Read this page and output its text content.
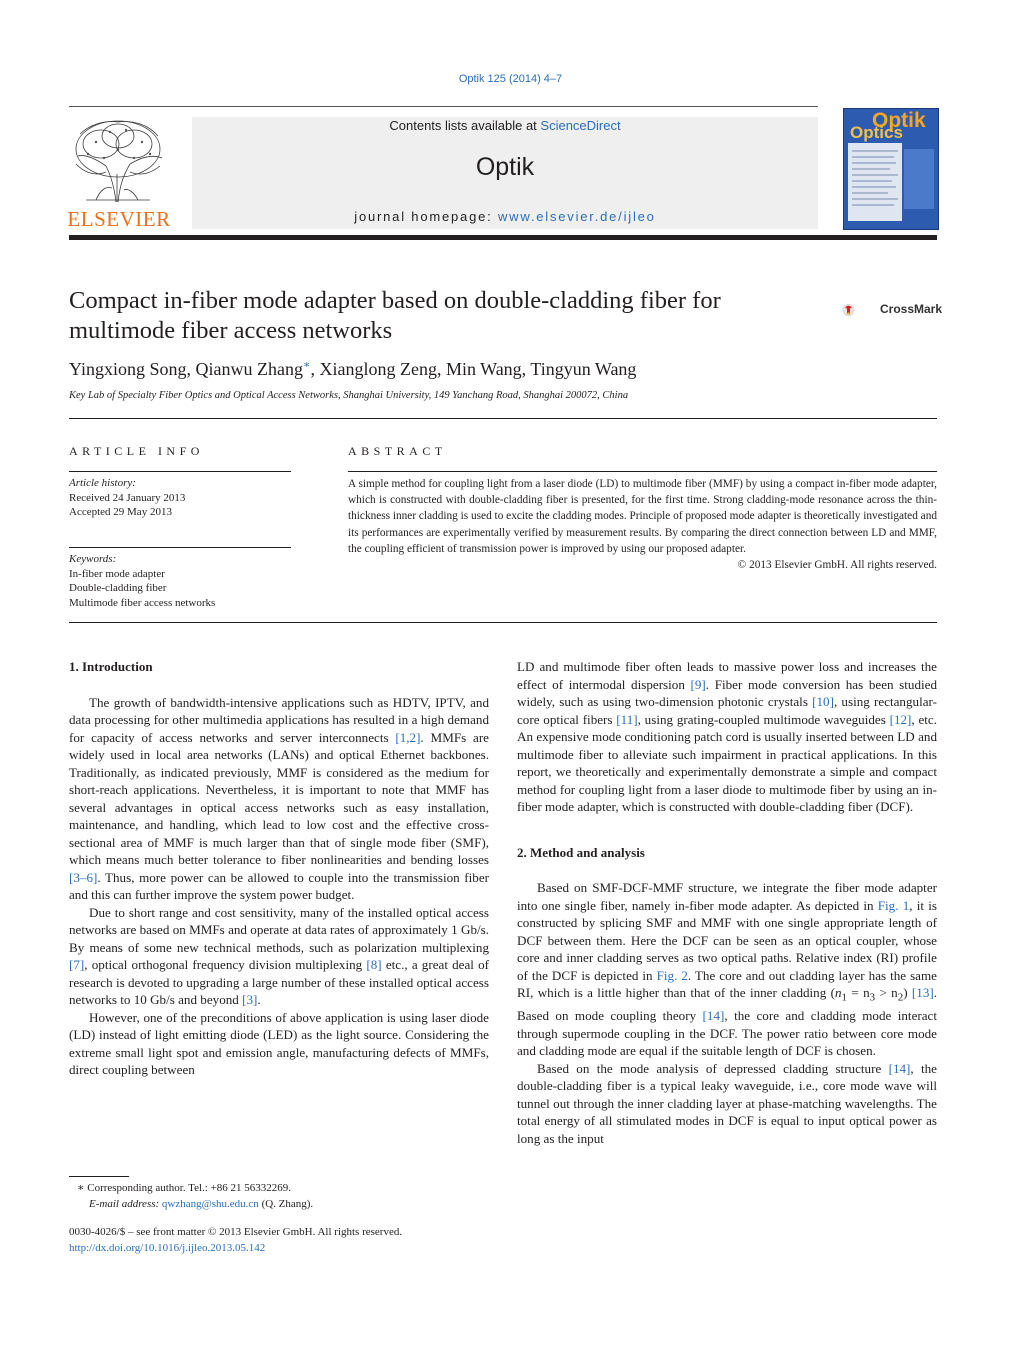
Optik 125 (2014) 4–7
ELSEVIER
Contents lists available at ScienceDirect
Optik
journal homepage: www.elsevier.de/ijleo
Optik
Optics
Compact in-fiber mode adapter based on double-cladding fiber for
multimode fiber access networks
CrossMark
Yingxiong Song, Qianwu Zhang∗, Xianglong Zeng, Min Wang, Tingyun Wang
Key Lab of Specialty Fiber Optics and Optical Access Networks, Shanghai University, 149 Yanchang Road, Shanghai 200072, China
ARTICLE INFO
Article history:
Received 24 January 2013
Accepted 29 May 2013
Keywords:
In-fiber mode adapter
Double-cladding fiber
Multimode fiber access networks
ABSTRACT
A simple method for coupling light from a laser diode (LD) to multimode fiber (MMF) by using a compact in-fiber mode adapter, which is constructed with double-cladding fiber is presented, for the first time. Strong cladding-mode resonance across the thin-thickness inner cladding is used to excite the cladding modes. Principle of proposed mode adapter is theoretically investigated and its performances are experimentally verified by measurement results. By comparing the direct connection between LD and MMF, the coupling efficient of transmission power is improved by using our proposed adapter.
© 2013 Elsevier GmbH. All rights reserved.

1. Introduction

The growth of bandwidth-intensive applications such as HDTV, IPTV, and data processing for other multimedia applications has resulted in a high demand for capacity of access networks and server interconnects [1,2]. MMFs are widely used in local area networks (LANs) and optical Ethernet backbones. Traditionally, as indicated previously, MMF is considered as the medium for short-reach applications. Nevertheless, it is important to note that MMF has several advantages in optical access networks such as easy installation, maintenance, and handling, which lead to low cost and the effective cross-sectional area of MMF is much larger than that of single mode fiber (SMF), which means much better tolerance to fiber nonlinearities and bending losses [3–6]. Thus, more power can be allowed to couple into the transmission fiber and this can further improve the system power budget.

Due to short range and cost sensitivity, many of the installed optical access networks are based on MMFs and operate at data rates of approximately 1 Gb/s. By means of some new technical methods, such as polarization multiplexing [7], optical orthogonal frequency division multiplexing [8] etc., a great deal of research is devoted to upgrading a large number of these installed optical access networks to 10 Gb/s and beyond [3].

However, one of the preconditions of above application is using laser diode (LD) instead of light emitting diode (LED) as the light source. Considering the extreme small light spot and emission angle, manufacturing defects of MMFs, direct coupling between

LD and multimode fiber often leads to massive power loss and increases the effect of intermodal dispersion [9]. Fiber mode conversion has been studied widely, such as using two-dimension photonic crystals [10], using rectangular-core optical fibers [11], using grating-coupled multimode waveguides [12], etc. An expensive mode conditioning patch cord is usually inserted between LD and multimode fiber to alleviate such impairment in practical applications. In this report, we theoretically and experimentally demonstrate a simple and compact method for coupling light from a laser diode to multimode fiber by using an in-fiber mode adapter, which is constructed with double-cladding fiber (DCF).

2. Method and analysis

Based on SMF-DCF-MMF structure, we integrate the fiber mode adapter into one single fiber, namely in-fiber mode adapter. As depicted in Fig. 1, it is constructed by splicing SMF and MMF with one single appropriate length of DCF between them. Here the DCF can be seen as an optical coupler, whose core and inner cladding serves as two optical paths. Relative index (RI) profile of the DCF is depicted in Fig. 2. The core and out cladding layer has the same RI, which is a little higher than that of the inner cladding $(n_1 = n_3 > n_2)$ [13]. Based on mode coupling theory [14], the core and cladding mode interact through supermode coupling in the DCF. The power ratio between core mode and cladding mode are equal if the suitable length of DCF is chosen.

Based on the mode analysis of depressed cladding structure [14], the double-cladding fiber is a typical leaky waveguide, i.e., core mode wave will tunnel out through the inner cladding layer at phase-matching wavelengths. The total energy of all stimulated modes in DCF is equal to input optical power as long as the input

∗ Corresponding author. Tel.: +86 21 56332269.
E-mail address: qwzhang@shu.edu.cn (Q. Zhang).
0030-4026/$ – see front matter © 2013 Elsevier GmbH. All rights reserved.
http://dx.doi.org/10.1016/j.ijleo.2013.05.142
